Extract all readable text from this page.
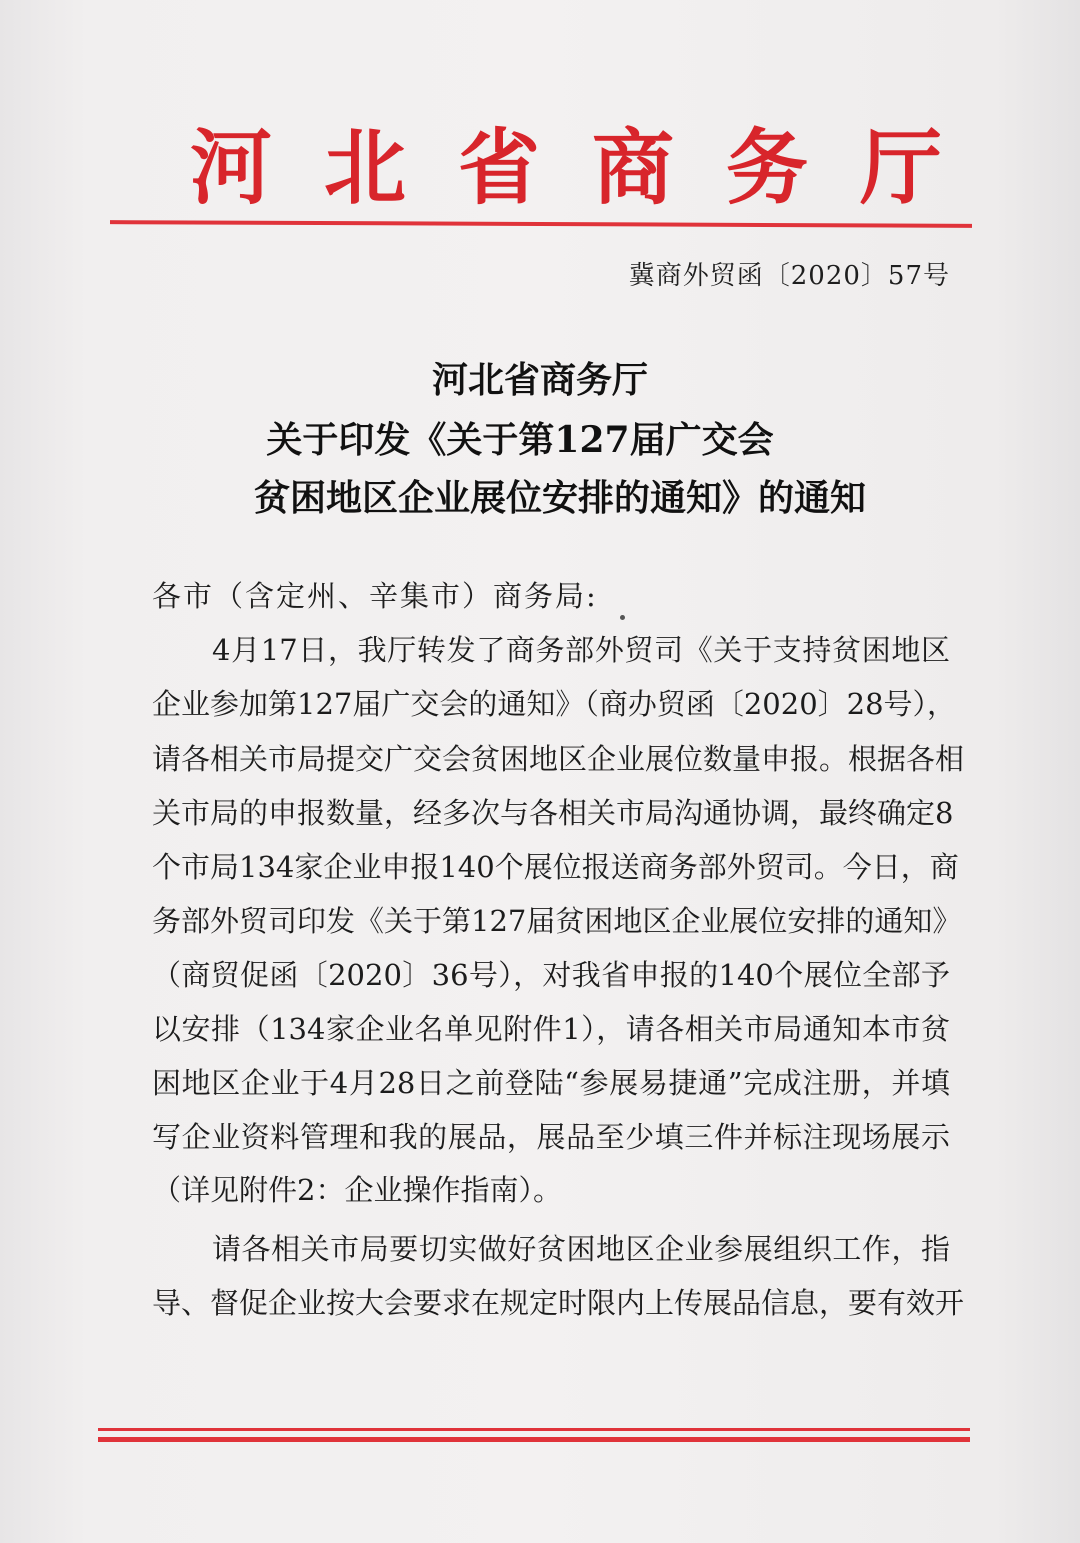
河北省商务厅
冀商外贸函〔2020〕57号
河北省商务厅
关于印发《关于第127届广交会
贫困地区企业展位安排的通知》的通知
各市（含定州、辛集市）商务局:
4月17日，我厅转发了商务部外贸司《关于支持贫困地区
企业参加第127届广交会的通知》（商办贸函〔2020〕28号），
请各相关市局提交广交会贫困地区企业展位数量申报。根据各相
关市局的申报数量，经多次与各相关市局沟通协调，最终确定8
个市局134家企业申报140个展位报送商务部外贸司。今日，商
务部外贸司印发《关于第127届贫困地区企业展位安排的通知》
（商贸促函〔2020〕36号），对我省申报的140个展位全部予
以安排（134家企业名单见附件1），请各相关市局通知本市贫
困地区企业于4月28日之前登陆“参展易捷通”完成注册，并填
写企业资料管理和我的展品，展品至少填三件并标注现场展示
（详见附件2：企业操作指南）。
请各相关市局要切实做好贫困地区企业参展组织工作，指
导、督促企业按大会要求在规定时限内上传展品信息，要有效开
